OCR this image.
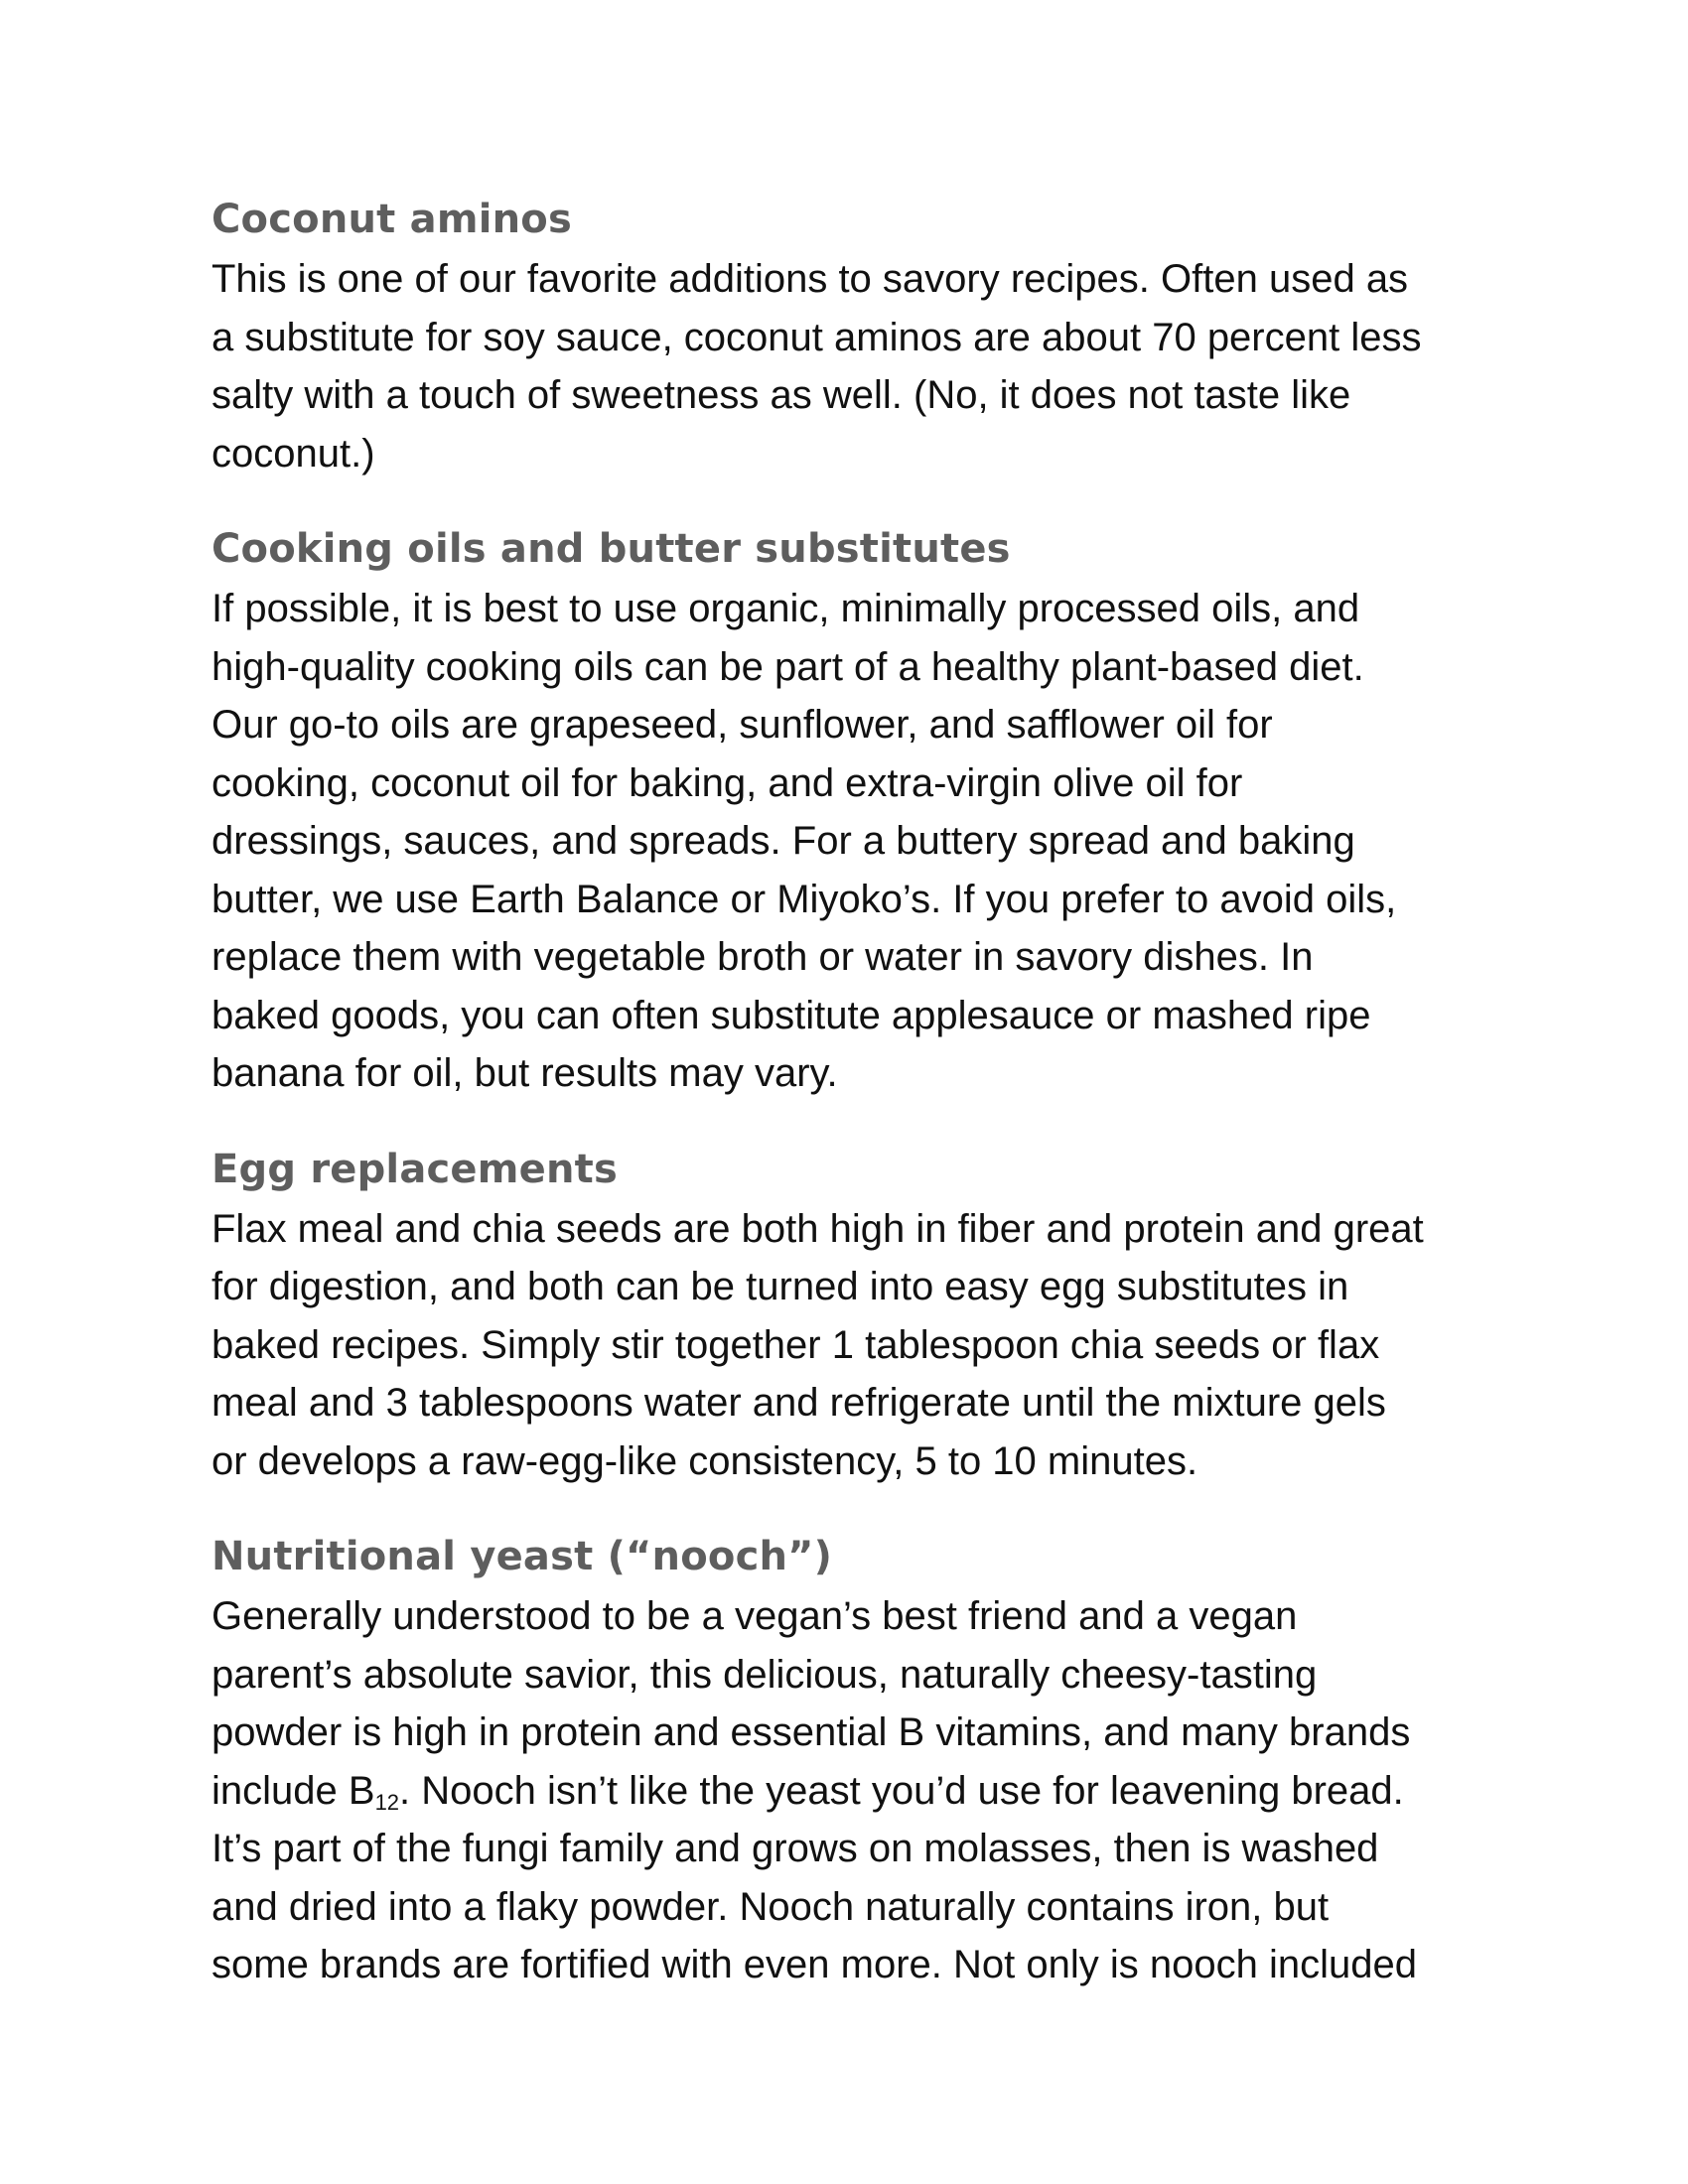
Coconut aminos

This is one of our favorite additions to savory recipes. Often used as
a substitute for soy sauce, coconut aminos are about 70 percent less
salty with a touch of sweetness as well. (No, it does not taste like
coconut.)

Cooking oils and butter substitutes

If possible, it is best to use organic, minimally processed oils, and
high-quality cooking oils can be part of a healthy plant-based diet.
Our go-to oils are grapeseed, sunflower, and safflower oil for
cooking, coconut oil for baking, and extra-virgin olive oil for
dressings, sauces, and spreads. For a buttery spread and baking
butter, we use Earth Balance or Miyoko’s. If you prefer to avoid oils,
replace them with vegetable broth or water in savory dishes. In
baked goods, you can often substitute applesauce or mashed ripe
banana for oil, but results may vary.

Egg replacements

Flax meal and chia seeds are both high in fiber and protein and great
for digestion, and both can be turned into easy egg substitutes in
baked recipes. Simply stir together 1 tablespoon chia seeds or flax
meal and 3 tablespoons water and refrigerate until the mixture gels
or develops a raw-egg-like consistency, 5 to 10 minutes.

Nutritional yeast (“nooch”)

Generally understood to be a vegan’s best friend and a vegan
parent’s absolute savior, this delicious, naturally cheesy-tasting
powder is high in protein and essential B vitamins, and many brands
include $B_{12}$. Nooch isn’t like the yeast you’d use for leavening bread.
It’s part of the fungi family and grows on molasses, then is washed
and dried into a flaky powder. Nooch naturally contains iron, but
some brands are fortified with even more. Not only is nooch included
